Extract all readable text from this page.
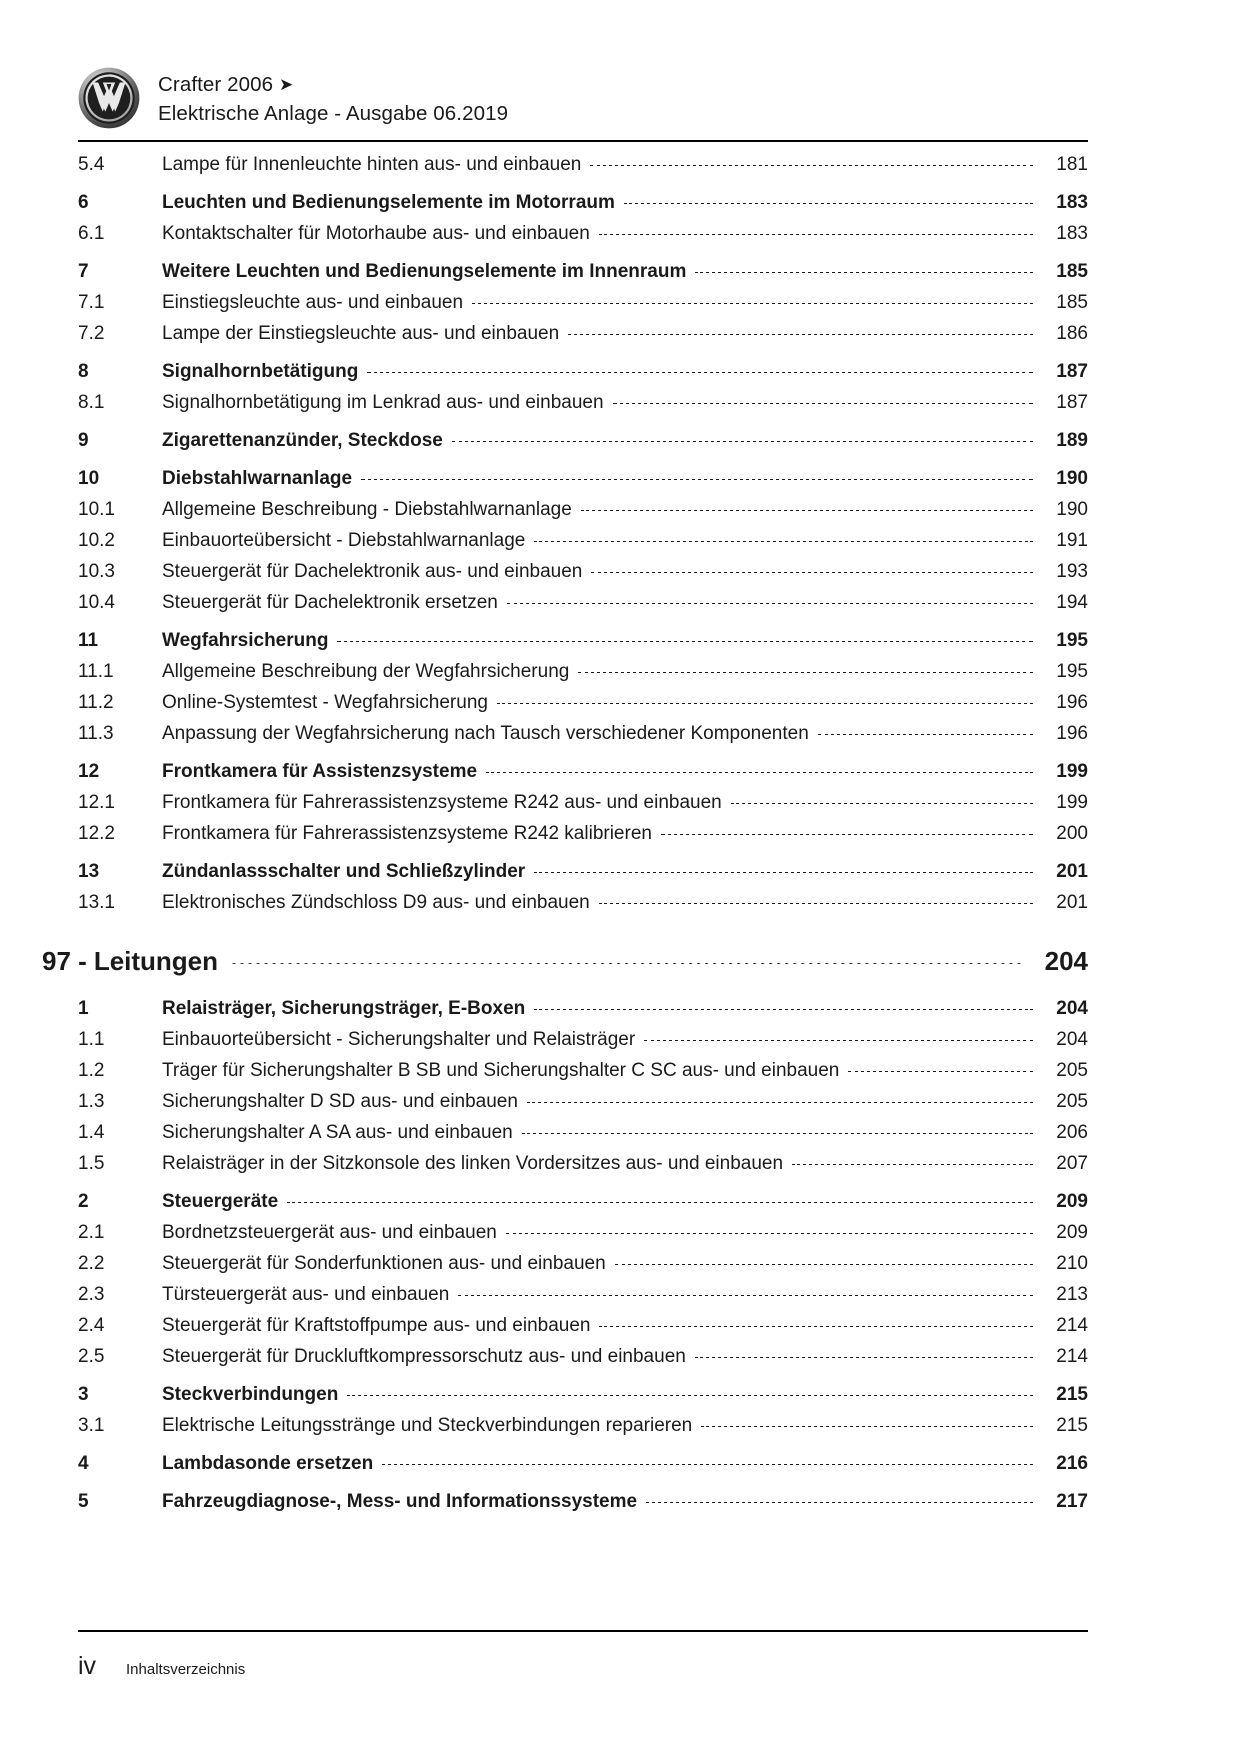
Crafter 2006 ➤
Elektrische Anlage - Ausgabe 06.2019
5.4	Lampe für Innenleuchte hinten aus- und einbauen	181
6	Leuchten und Bedienungselemente im Motorraum	183
6.1	Kontaktschalter für Motorhaube aus- und einbauen	183
7	Weitere Leuchten und Bedienungselemente im Innenraum	185
7.1	Einstiegsleuchte aus- und einbauen	185
7.2	Lampe der Einstiegsleuchte aus- und einbauen	186
8	Signalhornbetätigung	187
8.1	Signalhornbetätigung im Lenkrad aus- und einbauen	187
9	Zigarettenanzünder, Steckdose	189
10	Diebstahlwarnanlage	190
10.1	Allgemeine Beschreibung - Diebstahlwarnanlage	190
10.2	Einbauorteübersicht - Diebstahlwarnanlage	191
10.3	Steuergerät für Dachelektronik aus- und einbauen	193
10.4	Steuergerät für Dachelektronik ersetzen	194
11	Wegfahrsicherung	195
11.1	Allgemeine Beschreibung der Wegfahrsicherung	195
11.2	Online-Systemtest - Wegfahrsicherung	196
11.3	Anpassung der Wegfahrsicherung nach Tausch verschiedener Komponenten	196
12	Frontkamera für Assistenzsysteme	199
12.1	Frontkamera für Fahrerassistenzsysteme R242 aus- und einbauen	199
12.2	Frontkamera für Fahrerassistenzsysteme R242 kalibrieren	200
13	Zündanlassschalter und Schließzylinder	201
13.1	Elektronisches Zündschloss D9 aus- und einbauen	201
97 - Leitungen	204
1	Relaisträger, Sicherungsträger, E-Boxen	204
1.1	Einbauorteübersicht - Sicherungshalter und Relaisträger	204
1.2	Träger für Sicherungshalter B SB und Sicherungshalter C SC aus- und einbauen	205
1.3	Sicherungshalter D SD aus- und einbauen	205
1.4	Sicherungshalter A SA aus- und einbauen	206
1.5	Relaisträger in der Sitzkonsole des linken Vordersitzes aus- und einbauen	207
2	Steuergeräte	209
2.1	Bordnetzsteuergerät aus- und einbauen	209
2.2	Steuergerät für Sonderfunktionen aus- und einbauen	210
2.3	Türsteuergerät aus- und einbauen	213
2.4	Steuergerät für Kraftstoffpumpe aus- und einbauen	214
2.5	Steuergerät für Druckluftkompressorschutz aus- und einbauen	214
3	Steckverbindungen	215
3.1	Elektrische Leitungsstränge und Steckverbindungen reparieren	215
4	Lambdasonde ersetzen	216
5	Fahrzeugdiagnose-, Mess- und Informationssysteme	217
iv	Inhaltsverzeichnis
